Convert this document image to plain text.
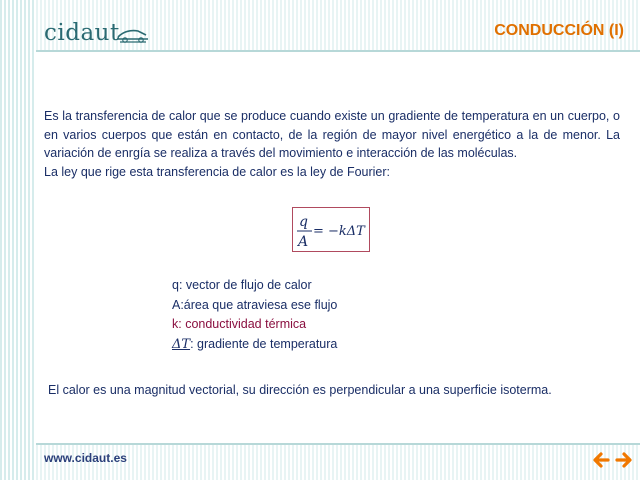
cidaut	CONDUCCIÓN (I)

Es la transferencia de calor que se produce cuando existe un gradiente de temperatura en un cuerpo, o en varios cuerpos que están en contacto, de la región de mayor nivel energético a la de menor. La variación de enrgía se realiza a través del movimiento e interacción de las moléculas.

La ley que rige esta transferencia de calor es la ley de Fourier:

q
A
= −kΔT
q: vector de flujo de calor
A:área que atraviesa ese flujo
k: conductividad térmica
ΔT: gradiente de temperatura
El calor es una magnitud vectorial, su dirección es perpendicular a una superficie isoterma.
www.cidaut.es
